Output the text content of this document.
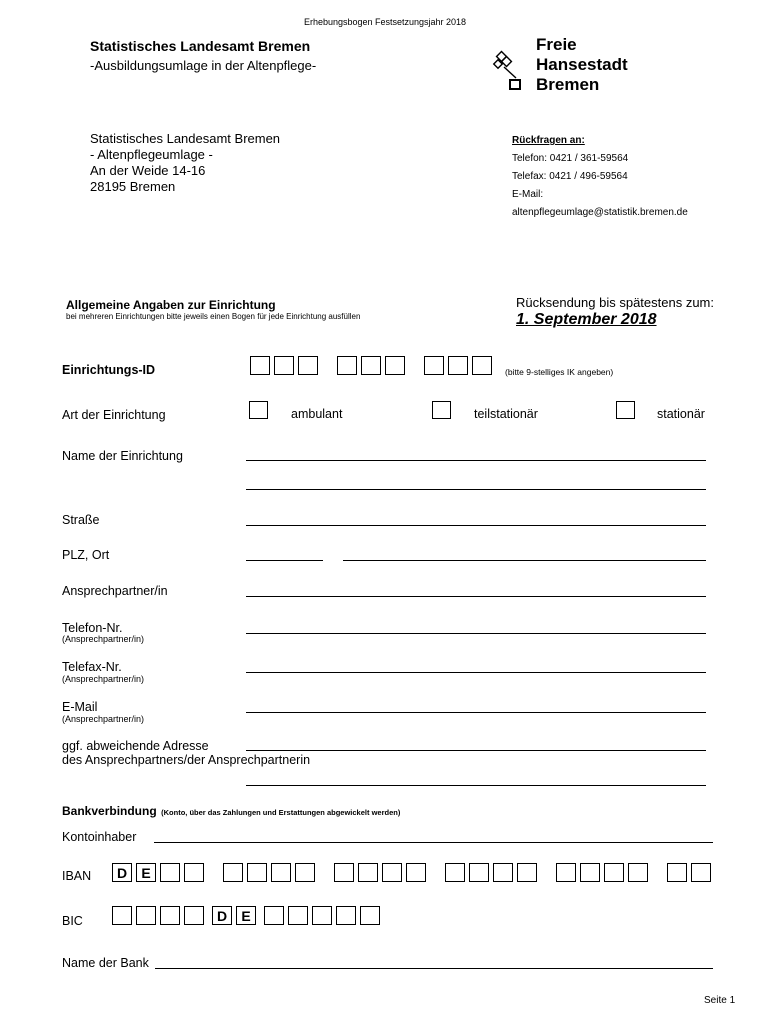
Erhebungsbogen Festsetzungsjahr 2018
Statistisches Landesamt Bremen
-Ausbildungsumlage in der Altenpflege-
Freie
Hansestadt
Bremen
Statistisches Landesamt Bremen
- Altenpflegeumlage -
An der Weide 14-16
28195 Bremen
Rückfragen an:
Telefon: 0421 / 361-59564
Telefax: 0421 / 496-59564
E-Mail:
altenpflegeumlage@statistik.bremen.de
Allgemeine Angaben zur Einrichtung
bei mehreren Einrichtungen bitte jeweils einen Bogen für jede Einrichtung ausfüllen
Rücksendung bis spätestens zum:
1. September 2018
Einrichtungs-ID	(bitte 9-stelliges IK angeben)
Art der Einrichtung	ambulant	teilstationär	stationär
Name der Einrichtung
Straße
PLZ, Ort
Ansprechpartner/in
Telefon-Nr.
(Ansprechpartner/in)
Telefax-Nr.
(Ansprechpartner/in)
E-Mail
(Ansprechpartner/in)
ggf. abweichende Adresse
des Ansprechpartners/der Ansprechpartnerin
Bankverbindung (Konto, über das Zahlungen und Erstattungen abgewickelt werden)
Kontoinhaber
IBAN	D	E
BIC	D	E
Name der Bank
Seite 1
